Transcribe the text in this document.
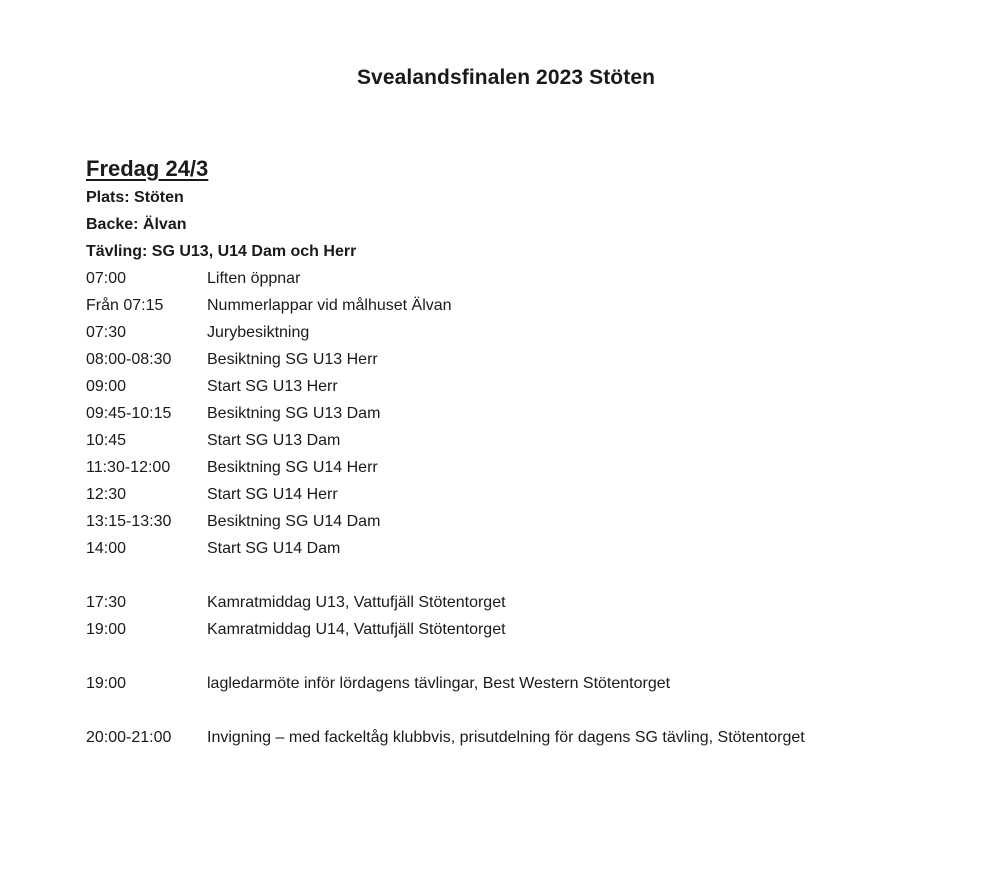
Svealandsfinalen 2023 Stöten
Fredag 24/3
Plats: Stöten
Backe: Älvan
Tävling: SG U13, U14 Dam och Herr
07:00	Liften öppnar
Från 07:15	Nummerlappar vid målhuset Älvan
07:30	Jurybesiktning
08:00-08:30	Besiktning SG U13 Herr
09:00	Start SG U13 Herr
09:45-10:15	Besiktning SG U13 Dam
10:45	Start SG U13 Dam
11:30-12:00	Besiktning SG U14 Herr
12:30	Start SG U14 Herr
13:15-13:30	Besiktning SG U14 Dam
14:00	Start SG U14 Dam
17:30	Kamratmiddag U13, Vattufjäll Stötentorget
19:00	Kamratmiddag U14, Vattufjäll Stötentorget
19:00	lagledarmöte inför lördagens tävlingar, Best Western Stötentorget
20:00-21:00	Invigning – med fackeltåg klubbvis, prisutdelning för dagens SG tävling, Stötentorget
